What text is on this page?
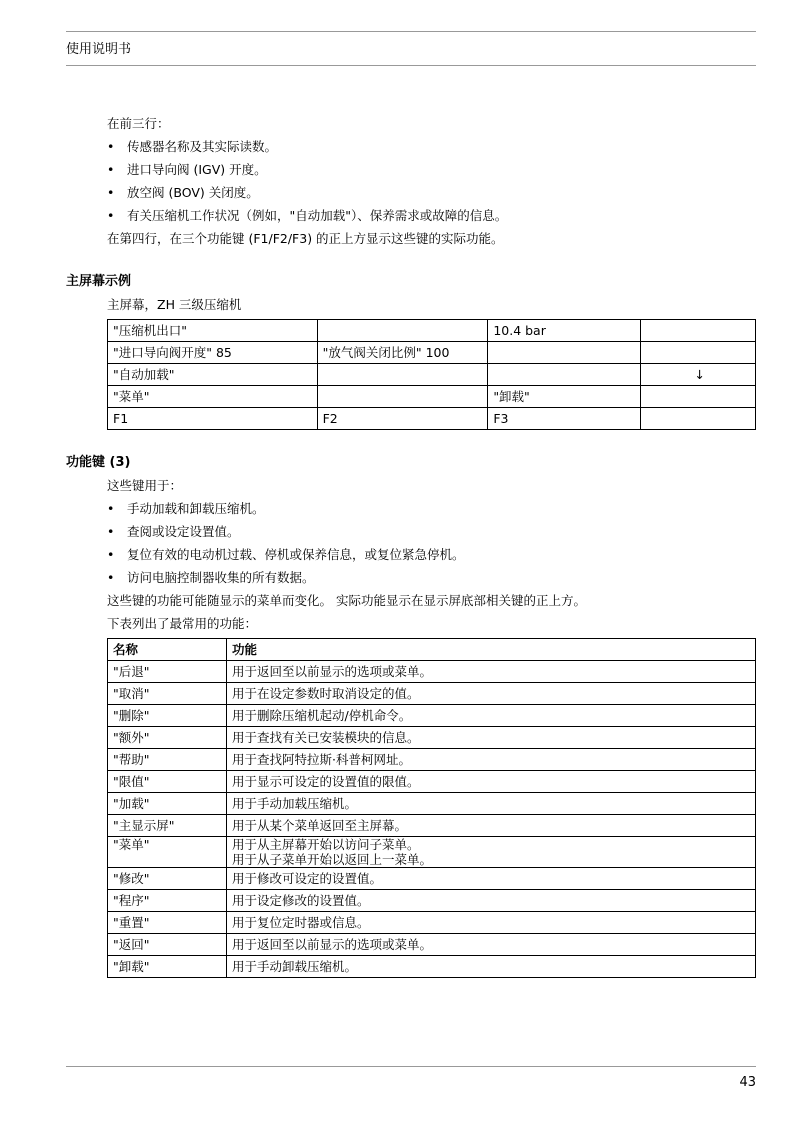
使用说明书
在前三行：
• 传感器名称及其实际读数。
• 进口导向阀 (IGV) 开度。
• 放空阀 (BOV) 关闭度。
• 有关压缩机工作状况（例如，"自动加载"）、保养需求或故障的信息。
在第四行，在三个功能键 (F1/F2/F3) 的正上方显示这些键的实际功能。
主屏幕示例
主屏幕，ZH 三级压缩机
"压缩机出口"		10.4 bar	
"进口导向阀开度" 85	"放气阀关闭比例" 100		
"自动加载"			↓
"菜单"		"卸载"	
F1	F2	F3	
功能键 (3)
这些键用于：
• 手动加载和卸载压缩机。
• 查阅或设定设置值。
• 复位有效的电动机过载、停机或保养信息，或复位紧急停机。
• 访问电脑控制器收集的所有数据。
这些键的功能可能随显示的菜单而变化。 实际功能显示在显示屏底部相关键的正上方。
下表列出了最常用的功能：
名称	功能
"后退"	用于返回至以前显示的选项或菜单。
"取消"	用于在设定参数时取消设定的值。
"删除"	用于删除压缩机起动/停机命令。
"额外"	用于查找有关已安装模块的信息。
"帮助"	用于查找阿特拉斯·科普柯网址。
"限值"	用于显示可设定的设置值的限值。
"加载"	用于手动加载压缩机。
"主显示屏"	用于从某个菜单返回至主屏幕。
"菜单"	用于从主屏幕开始以访问子菜单。
用于从子菜单开始以返回上一菜单。
"修改"	用于修改可设定的设置值。
"程序"	用于设定修改的设置值。
"重置"	用于复位定时器或信息。
"返回"	用于返回至以前显示的选项或菜单。
"卸载"	用于手动卸载压缩机。
43
